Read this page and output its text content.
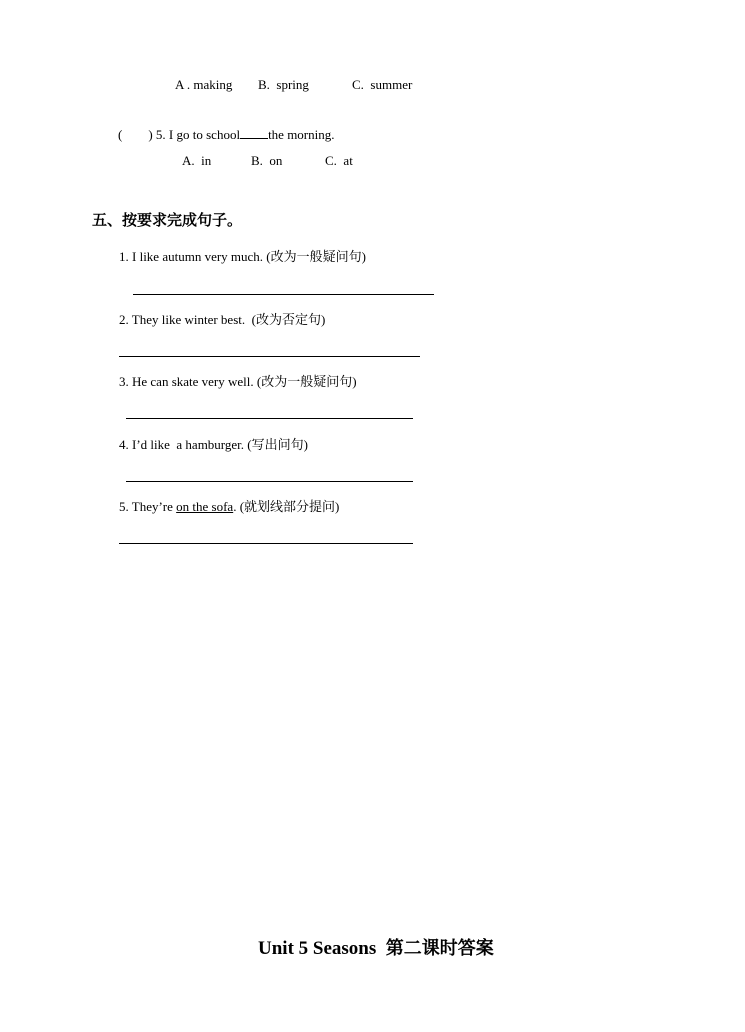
A . making B.  spring	C.  summer
(        ) 5. I go to school the morning.
A.  in	B.  on	C.  at
五、按要求完成句子。
1. I like autumn very much. (改为一般疑问句)
2. They like winter best.  (改为否定句)
3. He can skate very well. (改为一般疑问句)
4. I’d like  a hamburger. (写出问句)
5. They’re on the sofa. (就划线部分提问)
Unit 5 Seasons 第二课时答案
